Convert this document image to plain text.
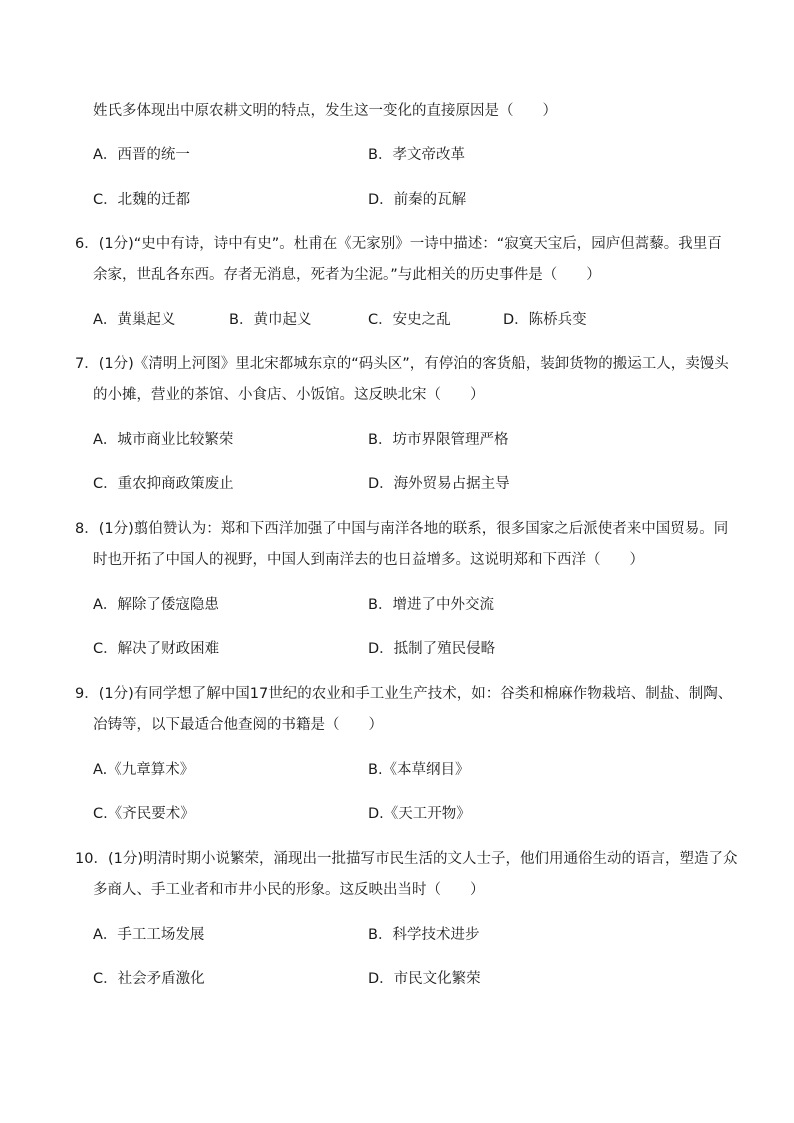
姓氏多体现出中原农耕文明的特点，发生这一变化的直接原因是（　　）
A．西晋的统一	B．孝文帝改革
C．北魏的迁都	D．前秦的瓦解
6．(1分)“史中有诗，诗中有史”。杜甫在《无家别》一诗中描述：“寂寞天宝后，园庐但蒿藜。我里百
余家，世乱各东西。存者无消息，死者为尘泥。”与此相关的历史事件是（　　）
A．黄巢起义	B．黄巾起义	C．安史之乱	D．陈桥兵变
7．(1分)《清明上河图》里北宋都城东京的“码头区”，有停泊的客货船，装卸货物的搬运工人，卖馒头
的小摊，营业的茶馆、小食店、小饭馆。这反映北宋（　　）
A．城市商业比较繁荣	B．坊市界限管理严格
C．重农抑商政策废止	D．海外贸易占据主导
8．(1分)翦伯赞认为：郑和下西洋加强了中国与南洋各地的联系，很多国家之后派使者来中国贸易。同
时也开拓了中国人的视野，中国人到南洋去的也日益增多。这说明郑和下西洋（　　）
A．解除了倭寇隐患	B．增进了中外交流
C．解决了财政困难	D．抵制了殖民侵略
9．(1分)有同学想了解中国17世纪的农业和手工业生产技术，如：谷类和棉麻作物栽培、制盐、制陶、
冶铸等，以下最适合他查阅的书籍是（　　）
A.《九章算术》	B.《本草纲目》
C.《齐民要术》	D.《天工开物》
10．(1分)明清时期小说繁荣，涌现出一批描写市民生活的文人士子，他们用通俗生动的语言，塑造了众
多商人、手工业者和市井小民的形象。这反映出当时（　　）
A．手工工场发展	B．科学技术进步
C．社会矛盾激化	D．市民文化繁荣
